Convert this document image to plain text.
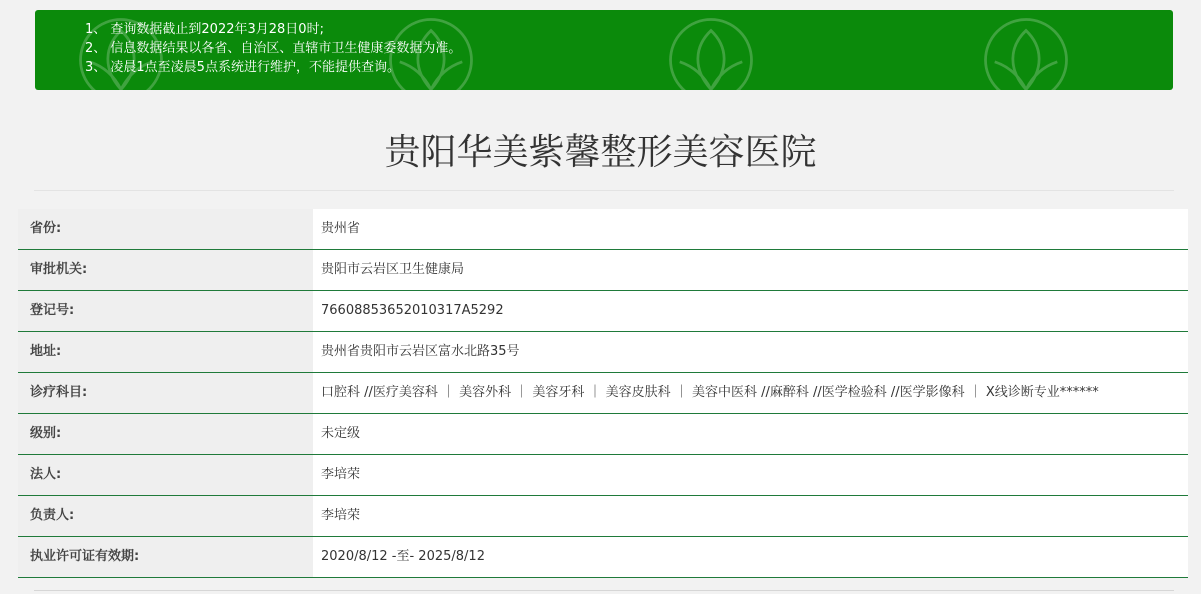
1、 查询数据截止到2022年3月28日0时;
2、 信息数据结果以各省、自治区、直辖市卫生健康委数据为准。
3、 凌晨1点至凌晨5点系统进行维护，不能提供查询。
贵阳华美紫馨整形美容医院
省份:	贵州省
审批机关:	贵阳市云岩区卫生健康局
登记号:	76608853652010317A5292
地址:	贵州省贵阳市云岩区富水北路35号
诊疗科目:	口腔科 //医疗美容科 ｜ 美容外科 ｜ 美容牙科 ｜ 美容皮肤科 ｜ 美容中医科 //麻醉科 //医学检验科 //医学影像科 ｜ X线诊断专业******
级别:	未定级
法人:	李培荣
负责人:	李培荣
执业许可证有效期:	2020/8/12 -至- 2025/8/12
